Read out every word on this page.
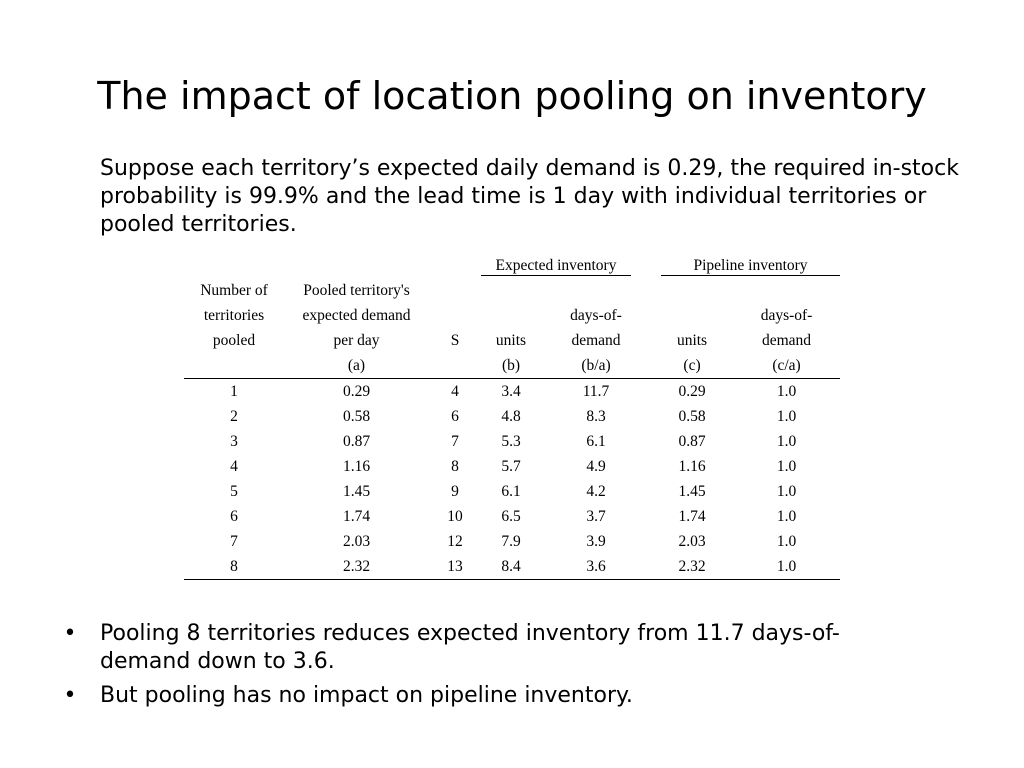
The impact of location pooling on inventory
Suppose each territory’s expected daily demand is 0.29, the required in-stock probability is 99.9% and the lead time is 1 day with individual territories or pooled territories.

			Expected inventory		Pipeline inventory	

Number of	Pooled territory's					
territories	expected demand			days-of-		days-of-
pooled	per day	S	units	demand	units	demand
	(a)		(b)	(b/a)	(c)	(c/a)
1	0.29	4	3.4	11.7	0.29	1.0
2	0.58	6	4.8	8.3	0.58	1.0
3	0.87	7	5.3	6.1	0.87	1.0
4	1.16	8	5.7	4.9	1.16	1.0
5	1.45	9	6.1	4.2	1.45	1.0
6	1.74	10	6.5	3.7	1.74	1.0
7	2.03	12	7.9	3.9	2.03	1.0
8	2.32	13	8.4	3.6	2.32	1.0
• Pooling 8 territories reduces expected inventory from 11.7 days-of-demand down to 3.6.
• But pooling has no impact on pipeline inventory.
